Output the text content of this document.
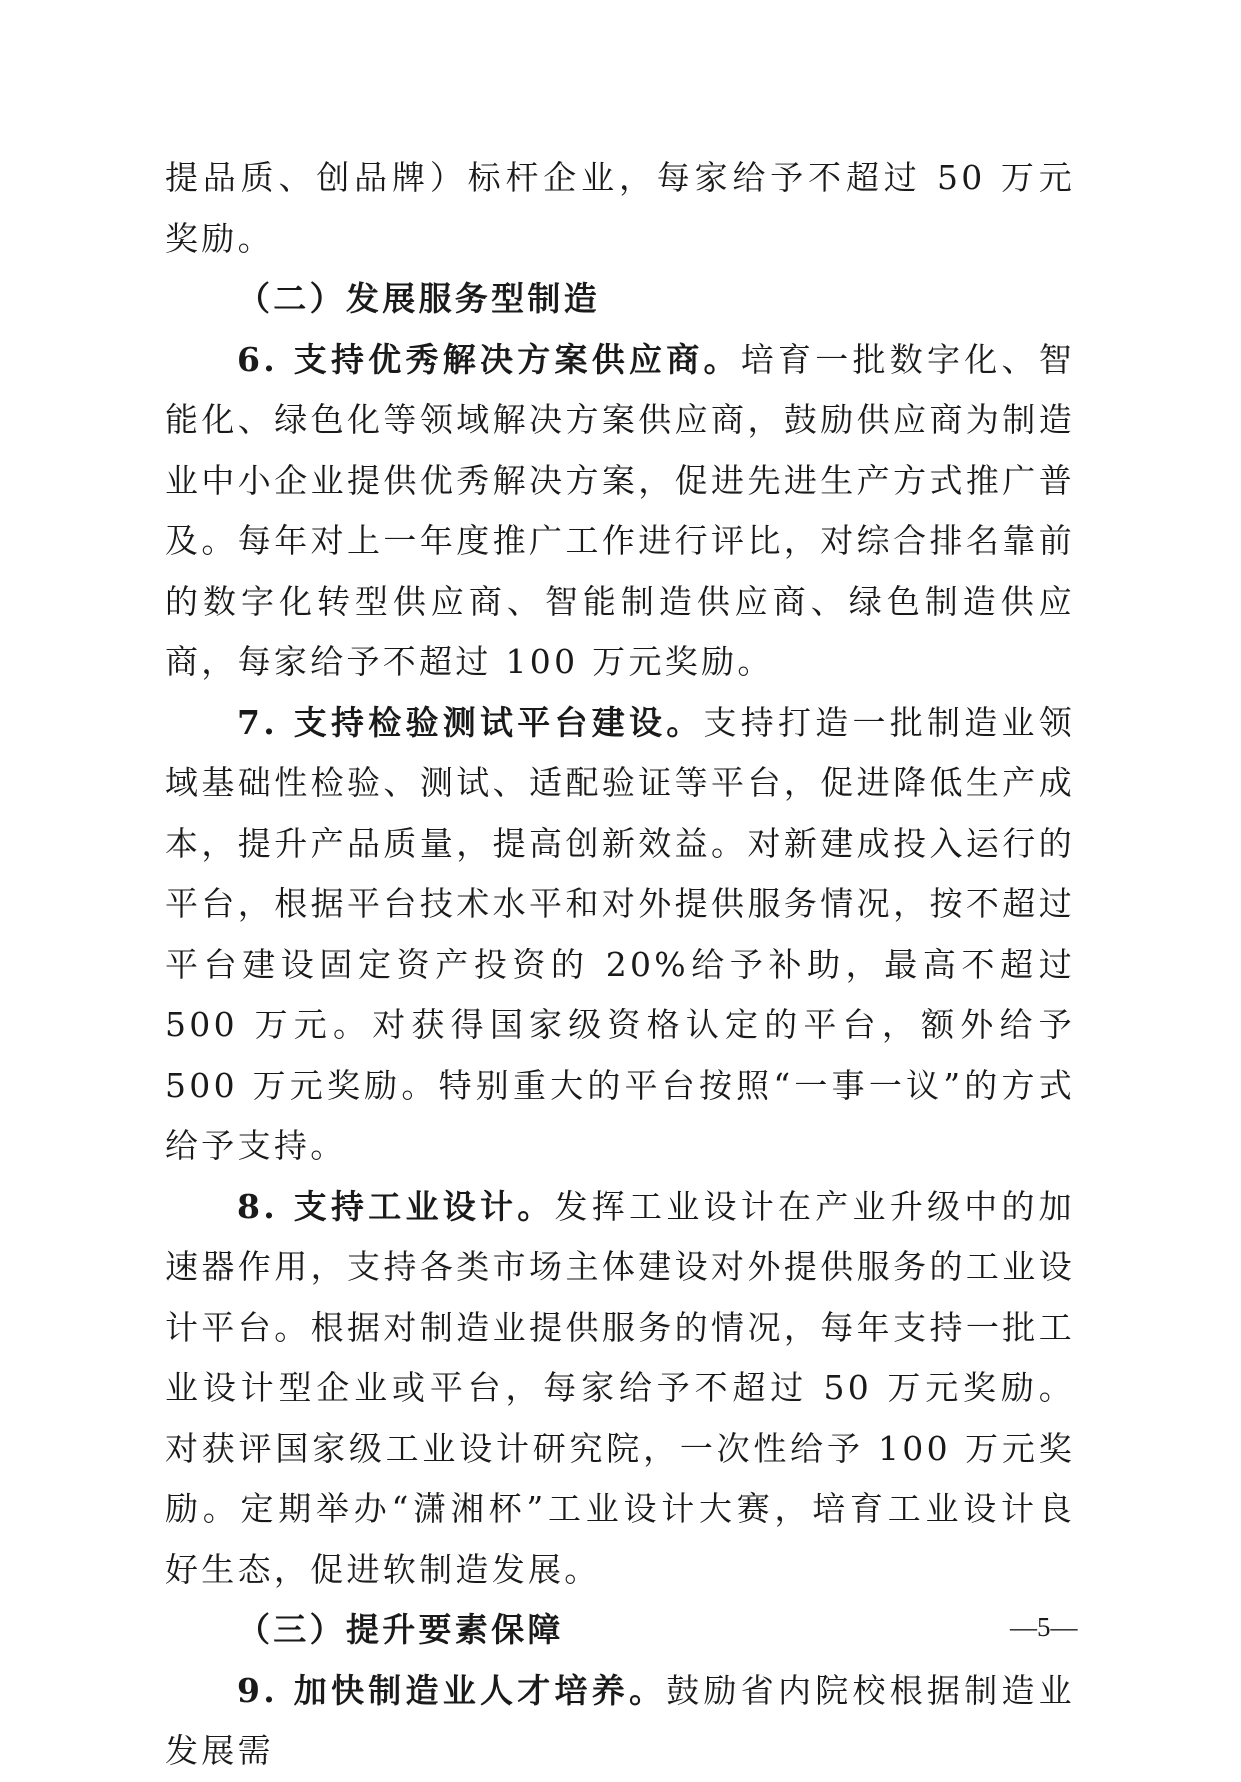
提品质、创品牌）标杆企业，每家给予不超过 50 万元奖励。

（二）发展服务型制造

6. 支持优秀解决方案供应商。培育一批数字化、智能化、绿色化等领域解决方案供应商，鼓励供应商为制造业中小企业提供优秀解决方案，促进先进生产方式推广普及。每年对上一年度推广工作进行评比，对综合排名靠前的数字化转型供应商、智能制造供应商、绿色制造供应商，每家给予不超过 100 万元奖励。

7. 支持检验测试平台建设。支持打造一批制造业领域基础性检验、测试、适配验证等平台，促进降低生产成本，提升产品质量，提高创新效益。对新建成投入运行的平台，根据平台技术水平和对外提供服务情况，按不超过平台建设固定资产投资的 20%给予补助，最高不超过 500 万元。对获得国家级资格认定的平台，额外给予 500 万元奖励。特别重大的平台按照“一事一议”的方式给予支持。

8. 支持工业设计。发挥工业设计在产业升级中的加速器作用，支持各类市场主体建设对外提供服务的工业设计平台。根据对制造业提供服务的情况，每年支持一批工业设计型企业或平台，每家给予不超过 50 万元奖励。对获评国家级工业设计研究院，一次性给予 100 万元奖励。定期举办“潇湘杯”工业设计大赛，培育工业设计良好生态，促进软制造发展。

（三）提升要素保障

9. 加快制造业人才培养。鼓励省内院校根据制造业发展需

—5—
